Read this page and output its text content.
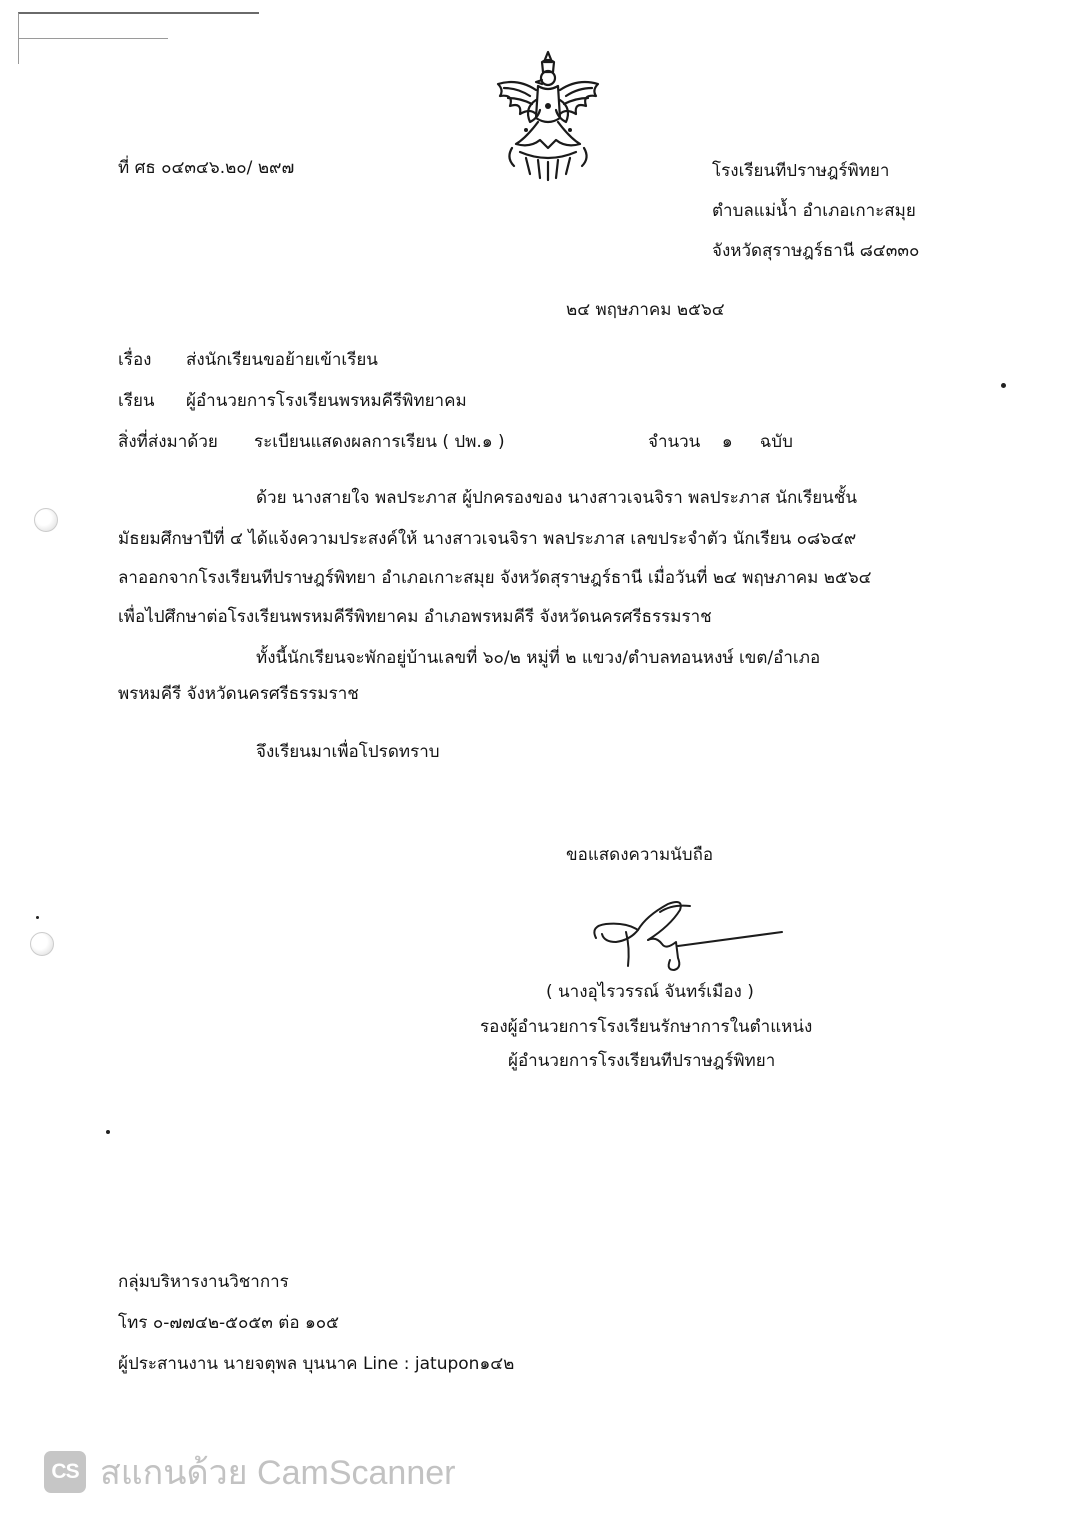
ที่ ศธ ๐๔๓๔๖.๒๐/ ๒๙๗	โรงเรียนทีปราษฎร์พิทยา
ตำบลแม่น้ำ อำเภอเกาะสมุย
จังหวัดสุราษฎร์ธานี ๘๔๓๓๐
๒๔ พฤษภาคม ๒๕๖๔
เรื่อง ส่งนักเรียนขอย้ายเข้าเรียน
เรียน ผู้อำนวยการโรงเรียนพรหมคีรีพิทยาคม
สิ่งที่ส่งมาด้วย ระเบียนแสดงผลการเรียน ( ปพ.๑ )	จำนวน    ๑     ฉบับ
ด้วย นางสายใจ พลประภาส ผู้ปกครองของ นางสาวเจนจิรา พลประภาส นักเรียนชั้น
มัธยมศึกษาปีที่ ๔ ได้แจ้งความประสงค์ให้ นางสาวเจนจิรา พลประภาส เลขประจำตัว นักเรียน ๐๘๖๔๙
ลาออกจากโรงเรียนทีปราษฎร์พิทยา อำเภอเกาะสมุย จังหวัดสุราษฎร์ธานี เมื่อวันที่ ๒๔ พฤษภาคม ๒๕๖๔
เพื่อไปศึกษาต่อโรงเรียนพรหมคีรีพิทยาคม อำเภอพรหมคีรี จังหวัดนครศรีธรรมราช
ทั้งนี้นักเรียนจะพักอยู่บ้านเลขที่ ๖๐/๒ หมู่ที่ ๒ แขวง/ตำบลทอนหงษ์ เขต/อำเภอ
พรหมคีรี จังหวัดนครศรีธรรมราช
จึงเรียนมาเพื่อโปรดทราบ
ขอแสดงความนับถือ
( นางอุไรวรรณ์ จันทร์เมือง )
รองผู้อำนวยการโรงเรียนรักษาการในตำแหน่ง
ผู้อำนวยการโรงเรียนทีปราษฎร์พิทยา
กลุ่มบริหารงานวิชาการ
โทร ๐-๗๗๔๒-๕๐๕๓ ต่อ ๑๐๕
ผู้ประสานงาน นายจตุพล บุนนาค Line : jatupon๑๔๒
CS สแกนด้วย CamScanner
